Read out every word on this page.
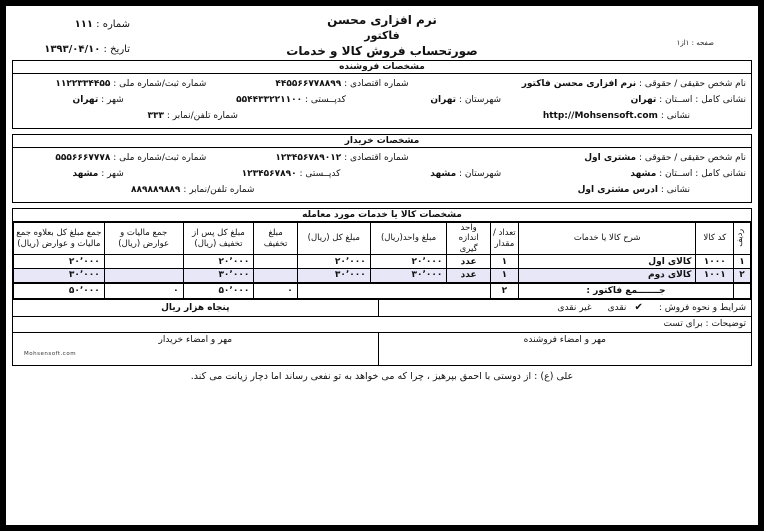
نرم افزاری محسن
فاکتور
صورتحساب فروش کالا و خدمات
شماره : ۱۱۱
تاریخ : ۱۳۹۳/۰۴/۱۰
صفحه : ۱از۱
مشخصات فروشنده
نام شخص حقیقی / حقوقی : نرم افزاری محسن فاکتور
شماره اقتصادی : ۴۴۵۵۶۶۷۷۸۸۹۹
شماره ثبت/شماره ملی : ۱۱۲۲۳۳۴۴۵۵
نشانی کامل : اســتان : تهران
شهرستان : تهران
کدپــستی : ۵۵۴۴۳۳۲۲۱۱۰۰
شهر : تهران
نشانی : http://Mohsensoft.com
شماره تلفن/نمابر : ۳۳۳
مشخصات خریدار
نام شخص حقیقی / حقوقی : مشتری اول
شماره اقتصادی : ۱۲۳۴۵۶۷۸۹۰۱۲
شماره ثبت/شماره ملی : ۵۵۵۶۶۶۷۷۷۸
نشانی کامل : اســتان : مشهد
شهرستان : مشهد
کدپــستی : ۱۲۳۴۵۶۷۸۹۰
شهر : مشهد
نشانی : آدرس مشتری اول
شماره تلفن/نمابر : ۸۸۹۸۸۹۸۸۹
مشخصات کالا یا خدمات مورد معامله
ردیف	کد کالا	شرح کالا یا خدمات	تعداد / مقدار	واحد اندازه گیری	مبلغ واحد(ریال)	مبلغ کل (ریال)	مبلغ تخفیف	مبلغ کل پس از تخفیف (ریال)	جمع مالیات و عوارض (ریال)	جمع مبلغ کل بعلاوه جمع مالیات و عوارض (ریال)
۱	۱۰۰۰	کالای اول	۱	عدد	۲۰٬۰۰۰	۲۰٬۰۰۰		۲۰٬۰۰۰		۲۰٬۰۰۰
۲	۱۰۰۱	کالای دوم	۱	عدد	۳۰٬۰۰۰	۳۰٬۰۰۰		۳۰٬۰۰۰		۳۰٬۰۰۰
	جـــــــمع فاکتور :		۲				۰	۵۰٬۰۰۰	۰	۵۰٬۰۰۰
شرایط و نحوه فروش :
✔
نقدی
غیر نقدی
پنجاه هزار ریال
توضیحات : برای تست
مهر و امضاء فروشنده
مهر و امضاء خریدار
Mohsensoft.com
علی (ع) : از دوستی با احمق بپرهیز ، چرا که می خواهد به تو نفعی رساند اما دچار زیانت می کند.
